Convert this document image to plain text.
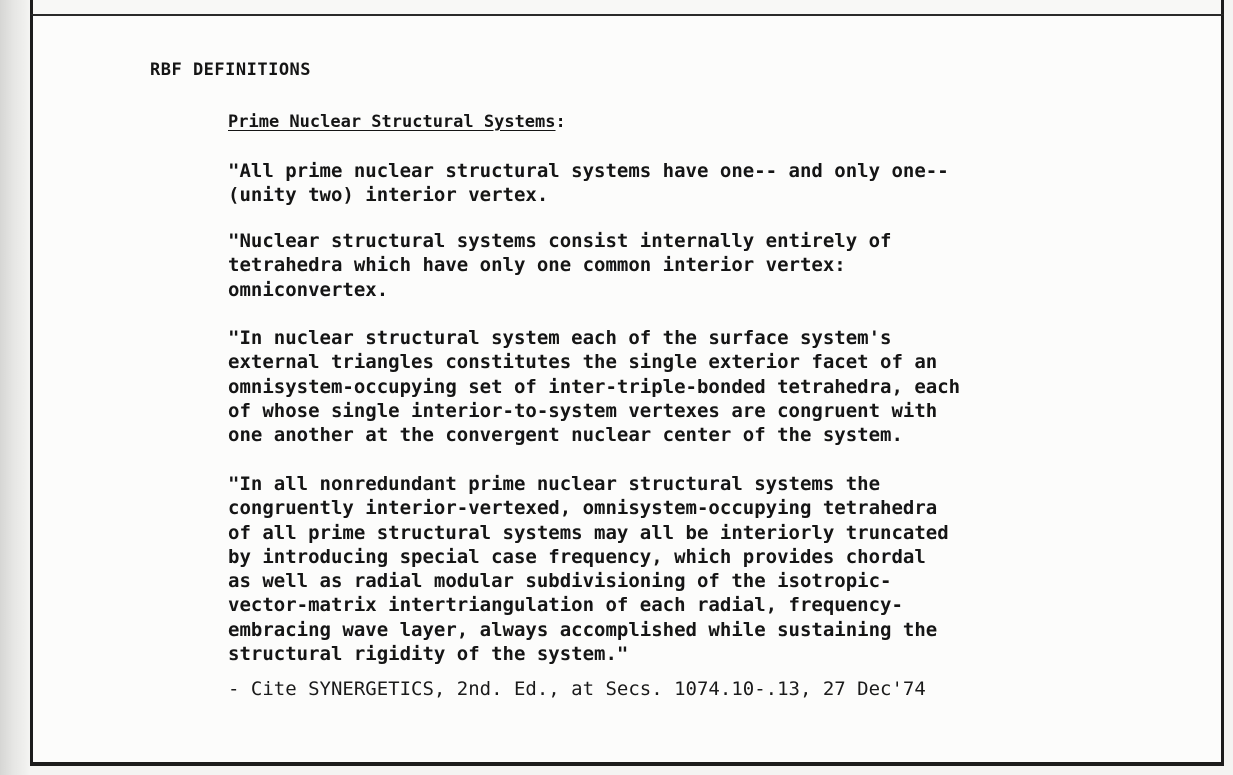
RBF DEFINITIONS
Prime Nuclear Structural Systems:
"All prime nuclear structural systems have one-- and only one--
(unity two) interior vertex.
"Nuclear structural systems consist internally entirely of
tetrahedra which have only one common interior vertex:
omniconvertex.
"In nuclear structural system each of the surface system's
external triangles constitutes the single exterior facet of an
omnisystem-occupying set of inter-triple-bonded tetrahedra, each
of whose single interior-to-system vertexes are congruent with
one another at the convergent nuclear center of the system.
"In all nonredundant prime nuclear structural systems the
congruently interior-vertexed, omnisystem-occupying tetrahedra
of all prime structural systems may all be interiorly truncated
by introducing special case frequency, which provides chordal
as well as radial modular subdivisioning of the isotropic-
vector-matrix intertriangulation of each radial, frequency-
embracing wave layer, always accomplished while sustaining the
structural rigidity of the system."
- Cite SYNERGETICS, 2nd. Ed., at Secs. 1074.10-.13, 27 Dec'74
